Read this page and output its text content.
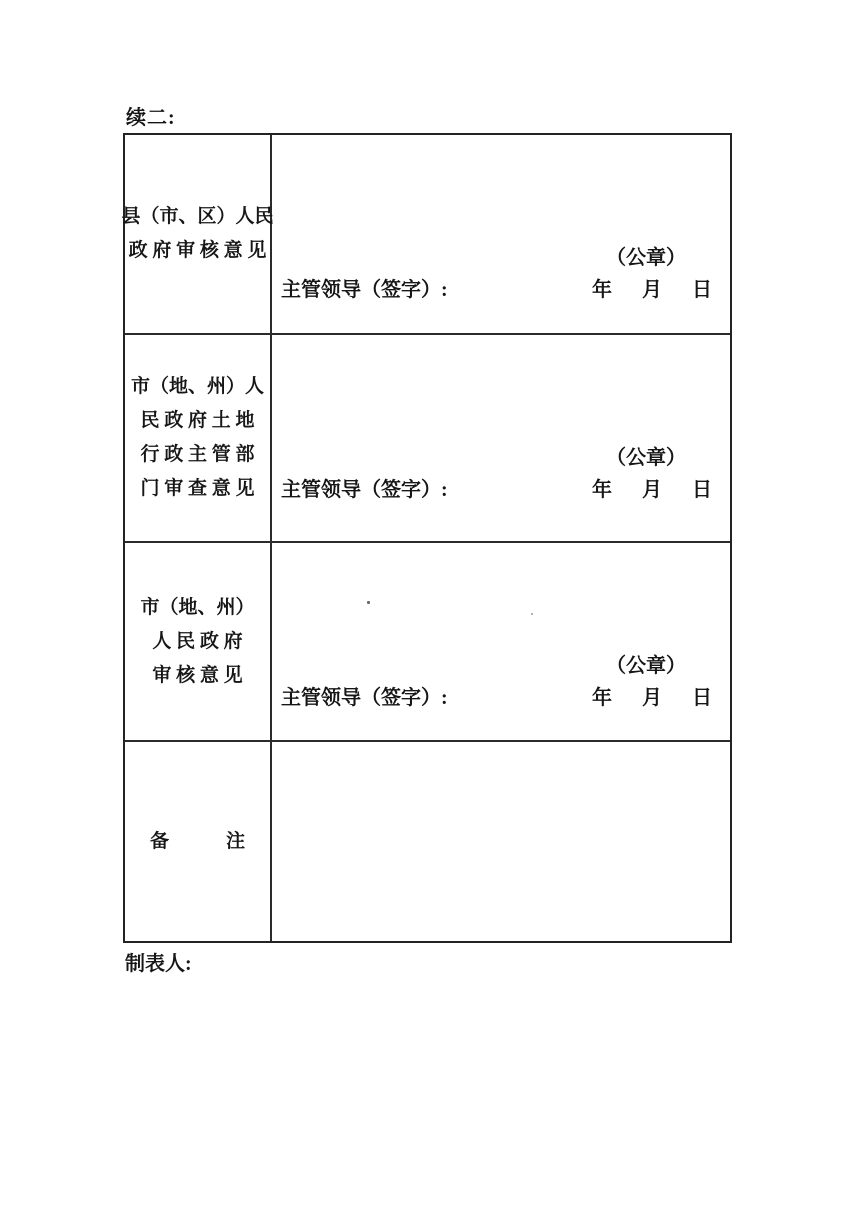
续二:
县（市、区）人民
政 府 审 核 意 见	（公章）
主管领导（签字）:	年 月 日
市（地、州）人
民 政 府 土 地
行 政 主 管 部
门 审 查 意 见
（公章）
主管领导（签字）:	年 月 日
市（地、州）
人 民 政 府
审 核 意 见	（公章）
主管领导（签字）:	年 月 日
备　　　注
制表人:
